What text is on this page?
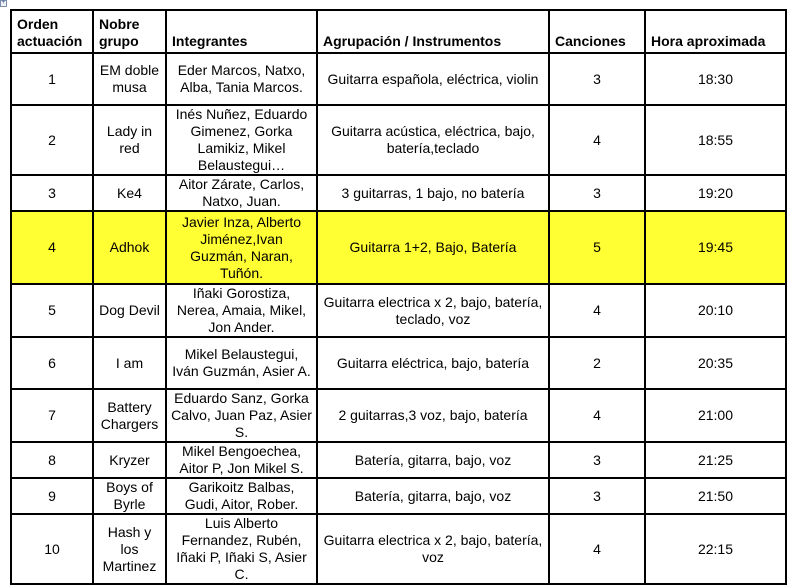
+
Orden actuación	Nobre grupo	Integrantes	Agrupación / Instrumentos	Canciones	Hora aproximada
1	EM doble musa	Eder Marcos, Natxo, Alba, Tania Marcos.	Guitarra española, eléctrica, violin	3	18:30
2	Lady in red	Inés Nuñez, Eduardo Gimenez, Gorka Lamikiz, Mikel Belaustegui…	Guitarra acústica, eléctrica, bajo, batería,teclado	4	18:55
3	Ke4	Aitor Zárate, Carlos, Natxo, Juan.	3 guitarras, 1 bajo, no batería	3	19:20
4	Adhok	Javier Inza, Alberto Jiménez,Ivan Guzmán, Naran, Tuñón.	Guitarra 1+2, Bajo, Batería	5	19:45
5	Dog Devil	Iñaki Gorostiza, Nerea, Amaia, Mikel, Jon Ander.	Guitarra electrica x 2, bajo, batería, teclado, voz	4	20:10
6	I am	Mikel Belaustegui, Iván Guzmán, Asier A.	Guitarra eléctrica, bajo, batería	2	20:35
7	Battery Chargers	Eduardo Sanz, Gorka Calvo, Juan Paz, Asier S.	2 guitarras,3 voz, bajo, batería	4	21:00
8	Kryzer	Mikel Bengoechea, Aitor P, Jon Mikel S.	Batería, gitarra, bajo, voz	3	21:25
9	Boys of Byrle	Garikoitz Balbas, Gudi, Aitor, Rober.	Batería, gitarra, bajo, voz	3	21:50
10	Hash y los Martinez	Luis Alberto Fernandez, Rubén, Iñaki P, Iñaki S, Asier C.	Guitarra electrica x 2, bajo, batería, voz	4	22:15
